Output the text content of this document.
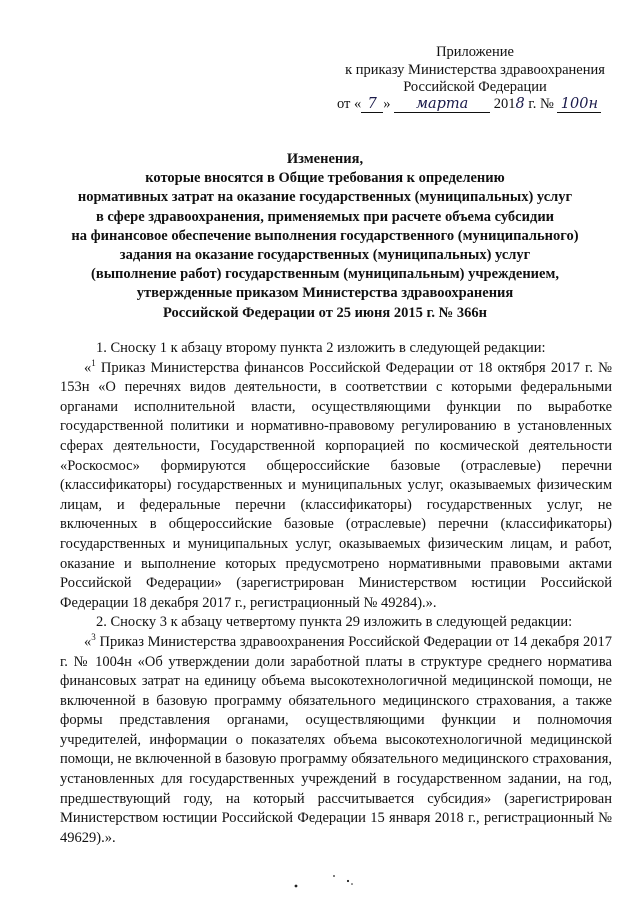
Приложение
к приказу Министерства здравоохранения
Российской Федерации
от « 7 » марта 2018 г. № 100н
Изменения,
которые вносятся в Общие требования к определению
нормативных затрат на оказание государственных (муниципальных) услуг
в сфере здравоохранения, применяемых при расчете объема субсидии
на финансовое обеспечение выполнения государственного (муниципального)
задания на оказание государственных (муниципальных) услуг
(выполнение работ) государственным (муниципальным) учреждением,
утвержденные приказом Министерства здравоохранения
Российской Федерации от 25 июня 2015 г. № 366н

1. Сноску 1 к абзацу второму пункта 2 изложить в следующей редакции:

«$^1$ Приказ Министерства финансов Российской Федерации от 18 октября 2017 г. № 153н «О перечнях видов деятельности, в соответствии с которыми федеральными органами исполнительной власти, осуществляющими функции по выработке государственной политики и нормативно-правовому регулированию в установленных сферах деятельности, Государственной корпорацией по космической деятельности «Роскосмос» формируются общероссийские базовые (отраслевые) перечни (классификаторы) государственных и муниципальных услуг, оказываемых физическим лицам, и федеральные перечни (классификаторы) государственных услуг, не включенных в общероссийские базовые (отраслевые) перечни (классификаторы) государственных и муниципальных услуг, оказываемых физическим лицам, и работ, оказание и выполнение которых предусмотрено нормативными правовыми актами Российской Федерации» (зарегистрирован Министерством юстиции Российской Федерации 18 декабря 2017 г., регистрационный № 49284).».

2. Сноску 3 к абзацу четвертому пункта 29 изложить в следующей редакции:

«$^3$ Приказ Министерства здравоохранения Российской Федерации от 14 декабря 2017 г. № 1004н «Об утверждении доли заработной платы в структуре среднего норматива финансовых затрат на единицу объема высокотехнологичной медицинской помощи, не включенной в базовую программу обязательного медицинского страхования, а также формы представления органами, осуществляющими функции и полномочия учредителей, информации о показателях объема высокотехнологичной медицинской помощи, не включенной в базовую программу обязательного медицинского страхования, установленных для государственных учреждений в государственном задании, на год, предшествующий году, на который рассчитывается субсидия» (зарегистрирован Министерством юстиции Российской Федерации 15 января 2018 г., регистрационный № 49629).».
